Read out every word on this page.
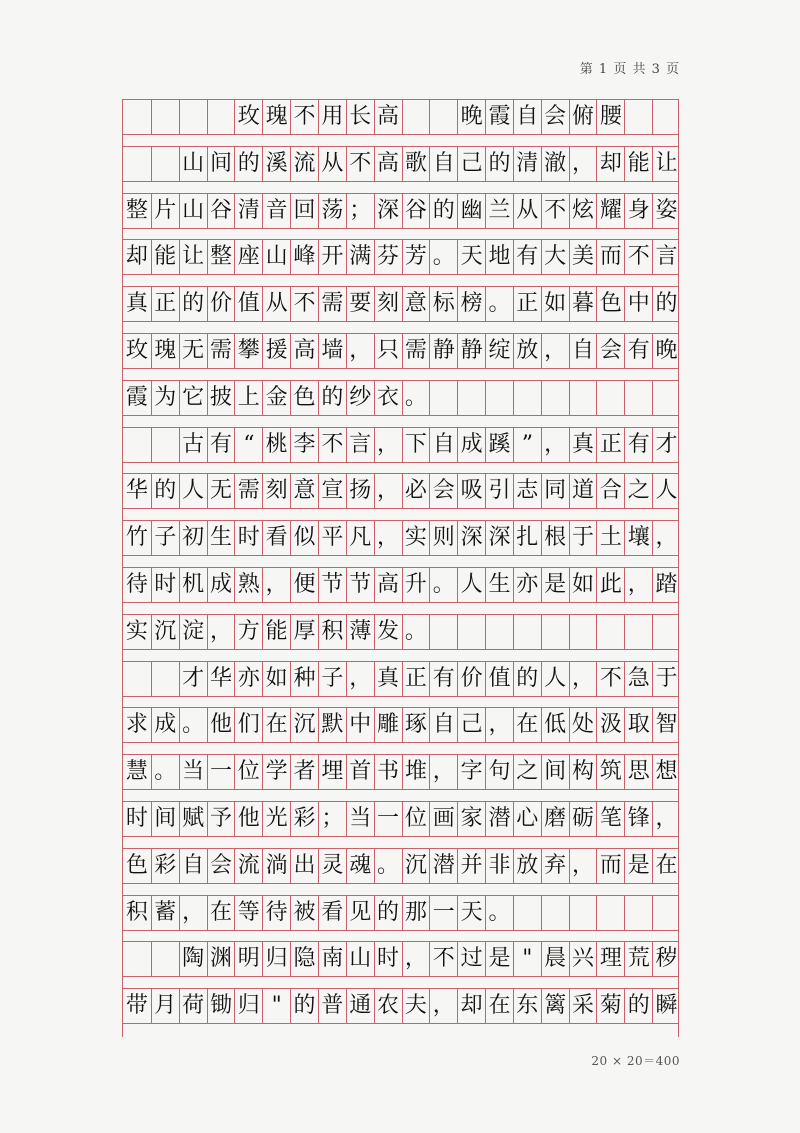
第 1 页 共 3 页
玫 瑰 不 用 长 高	晚 霞 自 会 俯 腰
山 间 的 溪 流 从 不 高 歌 自 己 的 清 澈 ， 却 能 让
整 片 山 谷 清 音 回 荡 ； 深 谷 的 幽 兰 从 不 炫 耀 身 姿
却 能 让 整 座 山 峰 开 满 芬 芳 。 天 地 有 大 美 而 不 言
真 正 的 价 值 从 不 需 要 刻 意 标 榜 。 正 如 暮 色 中 的
玫 瑰 无 需 攀 援 高 墙 ， 只 需 静 静 绽 放 ， 自 会 有 晚
霞 为 它 披 上 金 色 的 纱 衣 。
古 有 “ 桃 李 不 言 ， 下 自 成 蹊 ” ， 真 正 有 才
华 的 人 无 需 刻 意 宣 扬 ， 必 会 吸 引 志 同 道 合 之 人
竹 子 初 生 时 看 似 平 凡 ， 实 则 深 深 扎 根 于 土 壤 ，
待 时 机 成 熟 ， 便 节 节 高 升 。 人 生 亦 是 如 此 ， 踏
实 沉 淀 ， 方 能 厚 积 薄 发 。
才 华 亦 如 种 子 ， 真 正 有 价 值 的 人 ， 不 急 于
求 成 。 他 们 在 沉 默 中 雕 琢 自 己 ， 在 低 处 汲 取 智
慧 。 当 一 位 学 者 埋 首 书 堆 ， 字 句 之 间 构 筑 思 想
时 间 赋 予 他 光 彩 ； 当 一 位 画 家 潜 心 磨 砺 笔 锋 ，
色 彩 自 会 流 淌 出 灵 魂 。 沉 潜 并 非 放 弃 ， 而 是 在
积 蓄 ， 在 等 待 被 看 见 的 那 一 天 。
陶 渊 明 归 隐 南 山 时 ， 不 过 是 " 晨 兴 理 荒 秽
带 月 荷 锄 归 " 的 普 通 农 夫 ， 却 在 东 篱 采 菊 的 瞬
20 × 20＝400
